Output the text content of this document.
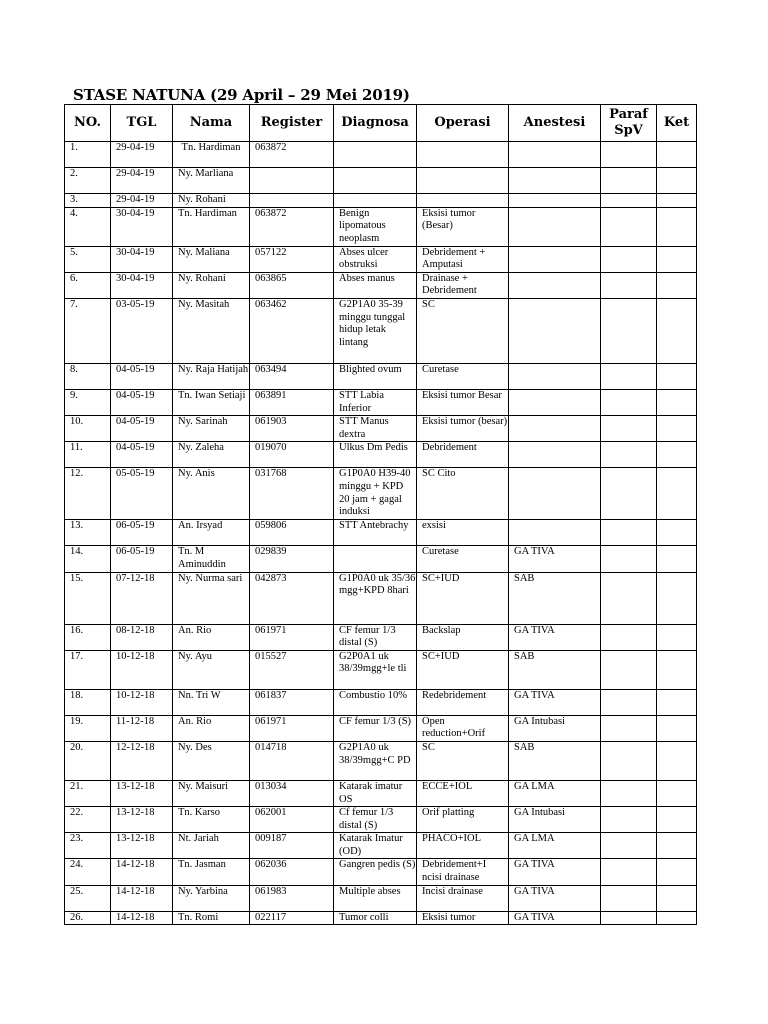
STASE NATUNA (29 April – 29 Mei 2019)
NO.	TGL	Nama	Register	Diagnosa	Operasi	Anestesi	Paraf SpV	Ket
1.	29-04-19	Tn. Hardiman	063872					
2.	29-04-19	Ny. Marliana						
3.	29-04-19	Ny. Rohani						
4.	30-04-19	Tn. Hardiman	063872	Benign lipomatous neoplasm	Eksisi tumor (Besar)			
5.	30-04-19	Ny. Maliana	057122	Abses ulcer obstruksi	Debridement + Amputasi			
6.	30-04-19	Ny. Rohani	063865	Abses manus	Drainase + Debridement			
7.	03-05-19	Ny. Masitah	063462	G2P1A0 35-39 minggu tunggal hidup letak lintang	SC			
8.	04-05-19	Ny. Raja Hatijah	063494	Blighted ovum	Curetase			
9.	04-05-19	Tn. Iwan Setiaji	063891	STT Labia Inferior	Eksisi tumor Besar			
10.	04-05-19	Ny. Sarinah	061903	STT Manus dextra	Eksisi tumor (besar)			
11.	04-05-19	Ny. Zaleha	019070	Ulkus Dm Pedis	Debridement			
12.	05-05-19	Ny. Anis	031768	G1P0A0 H39-40 minggu + KPD 20 jam + gagal induksi	SC Cito			
13.	06-05-19	An. Irsyad	059806	STT Antebrachy	exsisi			
14.	06-05-19	Tn. M Aminuddin	029839		Curetase	GA TIVA		
15.	07-12-18	Ny. Nurma sari	042873	G1P0A0 uk 35/36 mgg+KPD 8hari	SC+IUD	SAB		
16.	08-12-18	An. Rio	061971	CF femur 1/3 distal (S)	Backslap	GA TIVA		
17.	10-12-18	Ny. Ayu	015527	G2P0A1 uk 38/39mgg+le tli	SC+IUD	SAB		
18.	10-12-18	Nn. Tri W	061837	Combustio 10%	Redebridement	GA TIVA		
19.	11-12-18	An. Rio	061971	CF femur 1/3 (S)	Open reduction+Orif	GA Intubasi		
20.	12-12-18	Ny. Des	014718	G2P1A0 uk 38/39mgg+C PD	SC	SAB		
21.	13-12-18	Ny. Maisuri	013034	Katarak imatur OS	ECCE+IOL	GA LMA		
22.	13-12-18	Tn. Karso	062001	Cf femur 1/3 distal (S)	Orif platting	GA Intubasi		
23.	13-12-18	Nt. Jariah	009187	Katarak Imatur (OD)	PHACO+IOL	GA LMA		
24.	14-12-18	Tn. Jasman	062036	Gangren pedis (S)	Debridement+I ncisi drainase	GA TIVA		
25.	14-12-18	Ny. Yarbina	061983	Multiple abses	Incisi drainase	GA TIVA		
26.	14-12-18	Tn. Romi	022117	Tumor colli	Eksisi tumor	GA TIVA		
